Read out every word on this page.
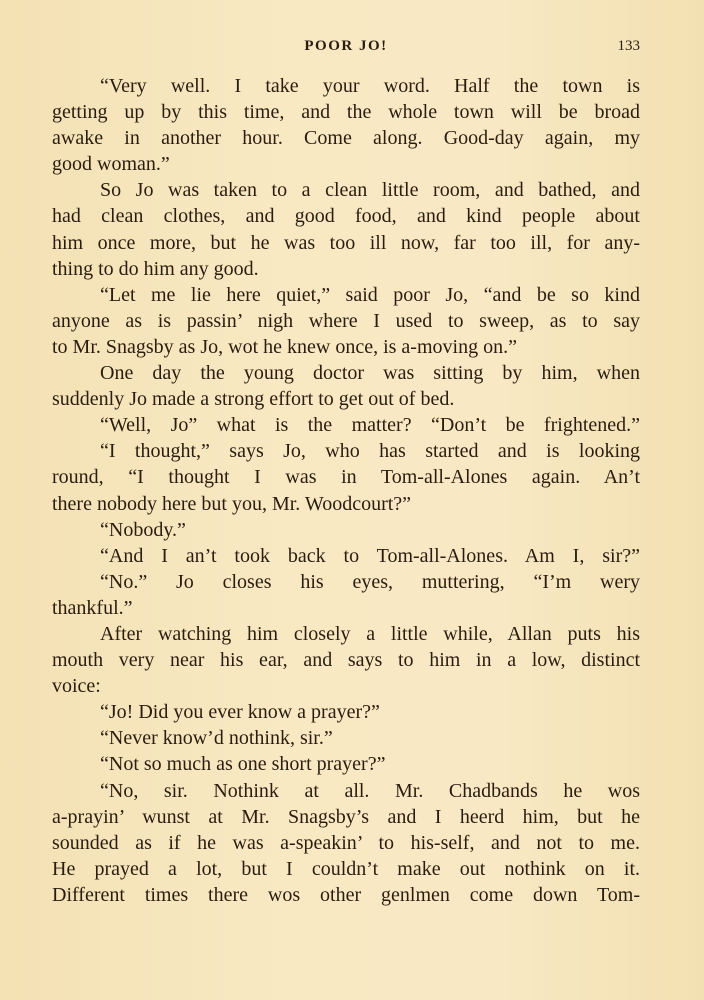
POOR JO!	133
“Very well. I take your word. Half the town is
getting up by this time, and the whole town will be broad
awake in another hour. Come along. Good-day again, my
good woman.”
So Jo was taken to a clean little room, and bathed, and
had clean clothes, and good food, and kind people about
him once more, but he was too ill now, far too ill, for any-
thing to do him any good.
“Let me lie here quiet,” said poor Jo, “and be so kind
anyone as is passin’ nigh where I used to sweep, as to say
to Mr. Snagsby as Jo, wot he knew once, is a-moving on.”
One day the young doctor was sitting by him, when
suddenly Jo made a strong effort to get out of bed.
“Well, Jo” what is the matter? “Don’t be frightened.”
“I thought,” says Jo, who has started and is looking
round, “I thought I was in Tom-all-Alones again. An’t
there nobody here but you, Mr. Woodcourt?”
“Nobody.”
“And I an’t took back to Tom-all-Alones. Am I, sir?”
“No.” Jo closes his eyes, muttering, “I’m wery
thankful.”
After watching him closely a little while, Allan puts his
mouth very near his ear, and says to him in a low, distinct
voice:
“Jo! Did you ever know a prayer?”
“Never know’d nothink, sir.”
“Not so much as one short prayer?”
“No, sir. Nothink at all. Mr. Chadbands he wos
a-prayin’ wunst at Mr. Snagsby’s and I heerd him, but he
sounded as if he was a-speakin’ to his-self, and not to me.
He prayed a lot, but I couldn’t make out nothink on it.
Different times there wos other genlmen come down Tom-
